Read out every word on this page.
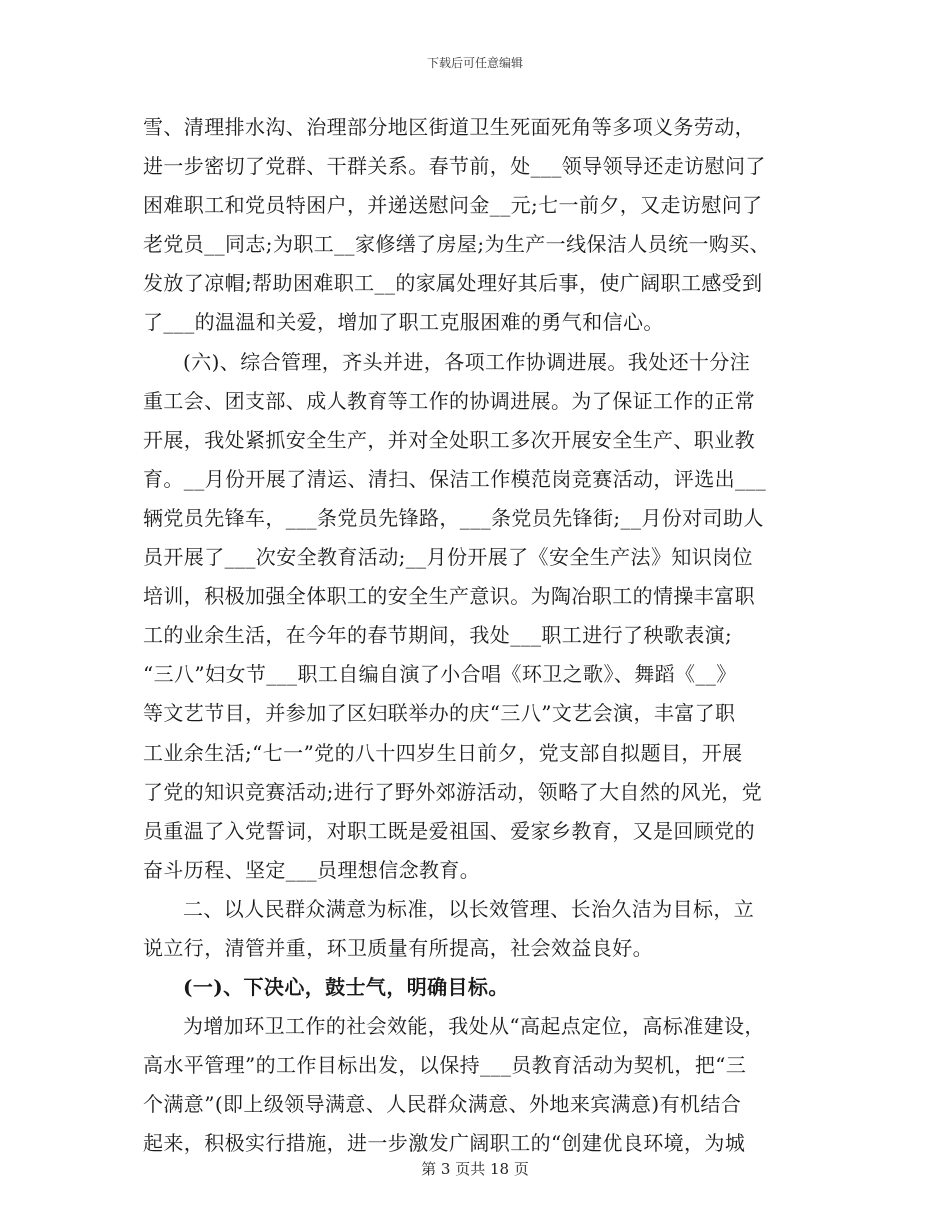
下载后可任意编辑
雪、清理排水沟、治理部分地区街道卫生死面死角等多项义务劳动，
进一步密切了党群、干群关系。春节前，处___领导领导还走访慰问了
困难职工和党员特困户，并递送慰问金__元;七一前夕，又走访慰问了
老党员__同志;为职工__家修缮了房屋;为生产一线保洁人员统一购买、
发放了凉帽;帮助困难职工__的家属处理好其后事，使广阔职工感受到
了___的温温和关爱，增加了职工克服困难的勇气和信心。
(六)、综合管理，齐头并进，各项工作协调进展。我处还十分注
重工会、团支部、成人教育等工作的协调进展。为了保证工作的正常
开展，我处紧抓安全生产，并对全处职工多次开展安全生产、职业教
育。__月份开展了清运、清扫、保洁工作模范岗竞赛活动，评选出___
辆党员先锋车，___条党员先锋路，___条党员先锋街;__月份对司助人
员开展了___次安全教育活动;__月份开展了《安全生产法》知识岗位
培训，积极加强全体职工的安全生产意识。为陶冶职工的情操丰富职
工的业余生活，在今年的春节期间，我处___职工进行了秧歌表演;
“三八”妇女节___职工自编自演了小合唱《环卫之歌》、舞蹈《__》
等文艺节目，并参加了区妇联举办的庆“三八”文艺会演，丰富了职
工业余生活;“七一”党的八十四岁生日前夕，党支部自拟题目，开展
了党的知识竞赛活动;进行了野外郊游活动，领略了大自然的风光，党
员重温了入党誓词，对职工既是爱祖国、爱家乡教育，又是回顾党的
奋斗历程、坚定___员理想信念教育。
二、以人民群众满意为标准，以长效管理、长治久洁为目标，立
说立行，清管并重，环卫质量有所提高，社会效益良好。
(一)、下决心，鼓士气，明确目标。
为增加环卫工作的社会效能，我处从“高起点定位，高标准建设，
高水平管理”的工作目标出发，以保持___员教育活动为契机，把“三
个满意”(即上级领导满意、人民群众满意、外地来宾满意)有机结合
起来，积极实行措施，进一步激发广阔职工的“创建优良环境，为城
第 3 页共 18 页
